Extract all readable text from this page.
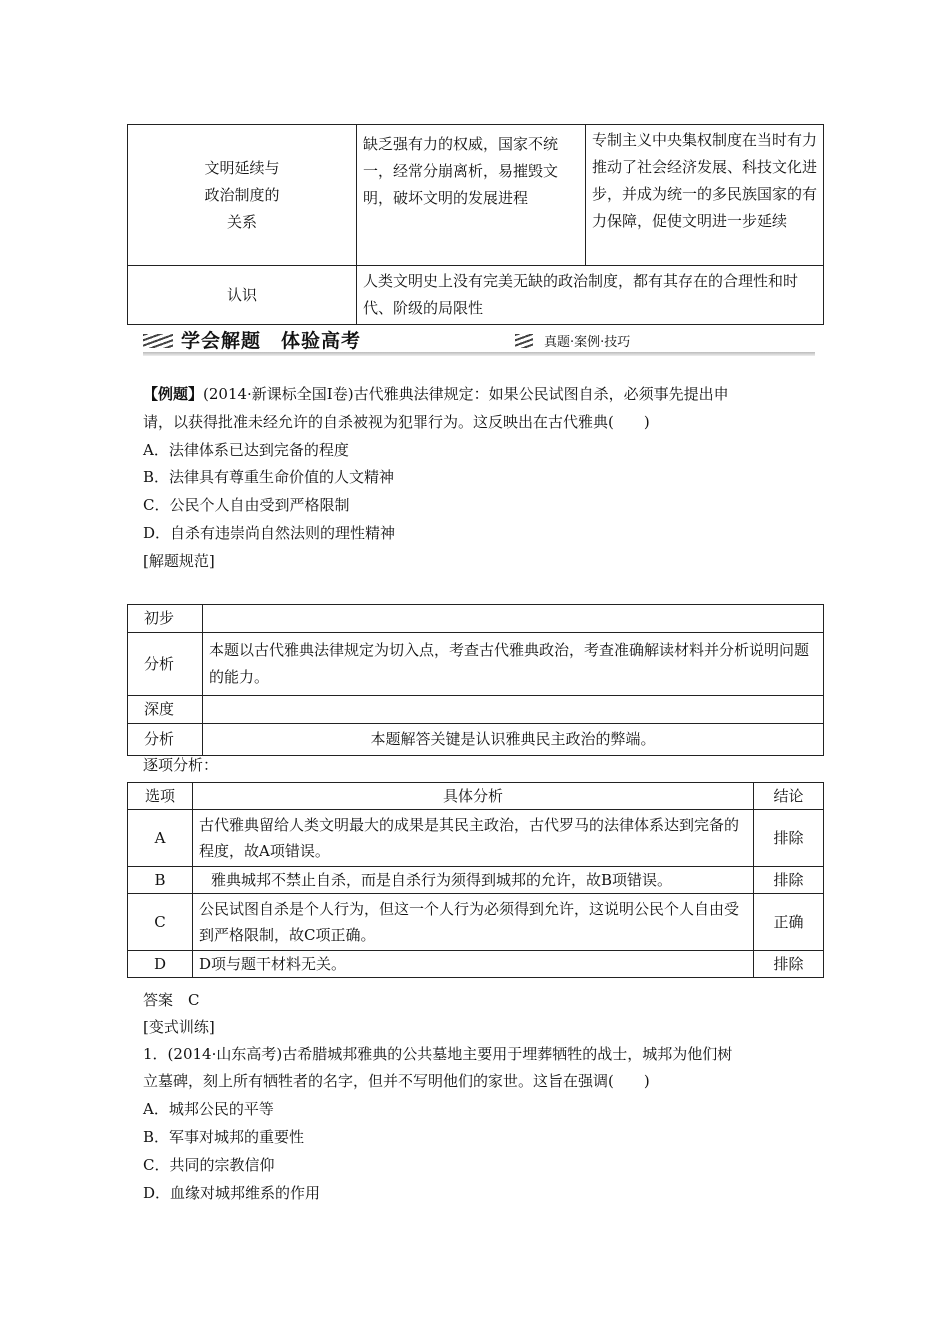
文明延续与
政治制度的
关系	缺乏强有力的权威，国家不统一，经常分崩离析，易摧毁文明，破坏文明的发展进程	专制主义中央集权制度在当时有力推动了社会经济发展、科技文化进步，并成为统一的多民族国家的有力保障，促使文明进一步延续
认识	人类文明史上没有完美无缺的政治制度，都有其存在的合理性和时代、阶级的局限性	
学会解题　体验高考	真题·案例·技巧
【例题】(2014·新课标全国Ⅰ卷)古代雅典法律规定：如果公民试图自杀，必须事先提出申
请，以获得批准未经允许的自杀被视为犯罪行为。这反映出在古代雅典(　　)
A．法律体系已达到完备的程度
B．法律具有尊重生命价值的人文精神
C．公民个人自由受到严格限制
D．自杀有违崇尚自然法则的理性精神
[解题规范]
初步	
分析	本题以古代雅典法律规定为切入点，考查古代雅典政治，考查准确解读材料并分析说明问题的能力。
深度	
分析	本题解答关键是认识雅典民主政治的弊端。
逐项分析：
选项	具体分析	结论
A	古代雅典留给人类文明最大的成果是其民主政治，古代罗马的法律体系达到完备的程度，故A项错误。	排除
B	雅典城邦不禁止自杀，而是自杀行为须得到城邦的允许，故B项错误。	排除
C	公民试图自杀是个人行为，但这一个人行为必须得到允许，这说明公民个人自由受到严格限制，故C项正确。	正确
D	D项与题干材料无关。	排除
答案　C
[变式训练]
1．(2014·山东高考)古希腊城邦雅典的公共墓地主要用于埋葬牺牲的战士，城邦为他们树
立墓碑，刻上所有牺牲者的名字，但并不写明他们的家世。这旨在强调(　　)
A．城邦公民的平等
B．军事对城邦的重要性
C．共同的宗教信仰
D．血缘对城邦维系的作用
